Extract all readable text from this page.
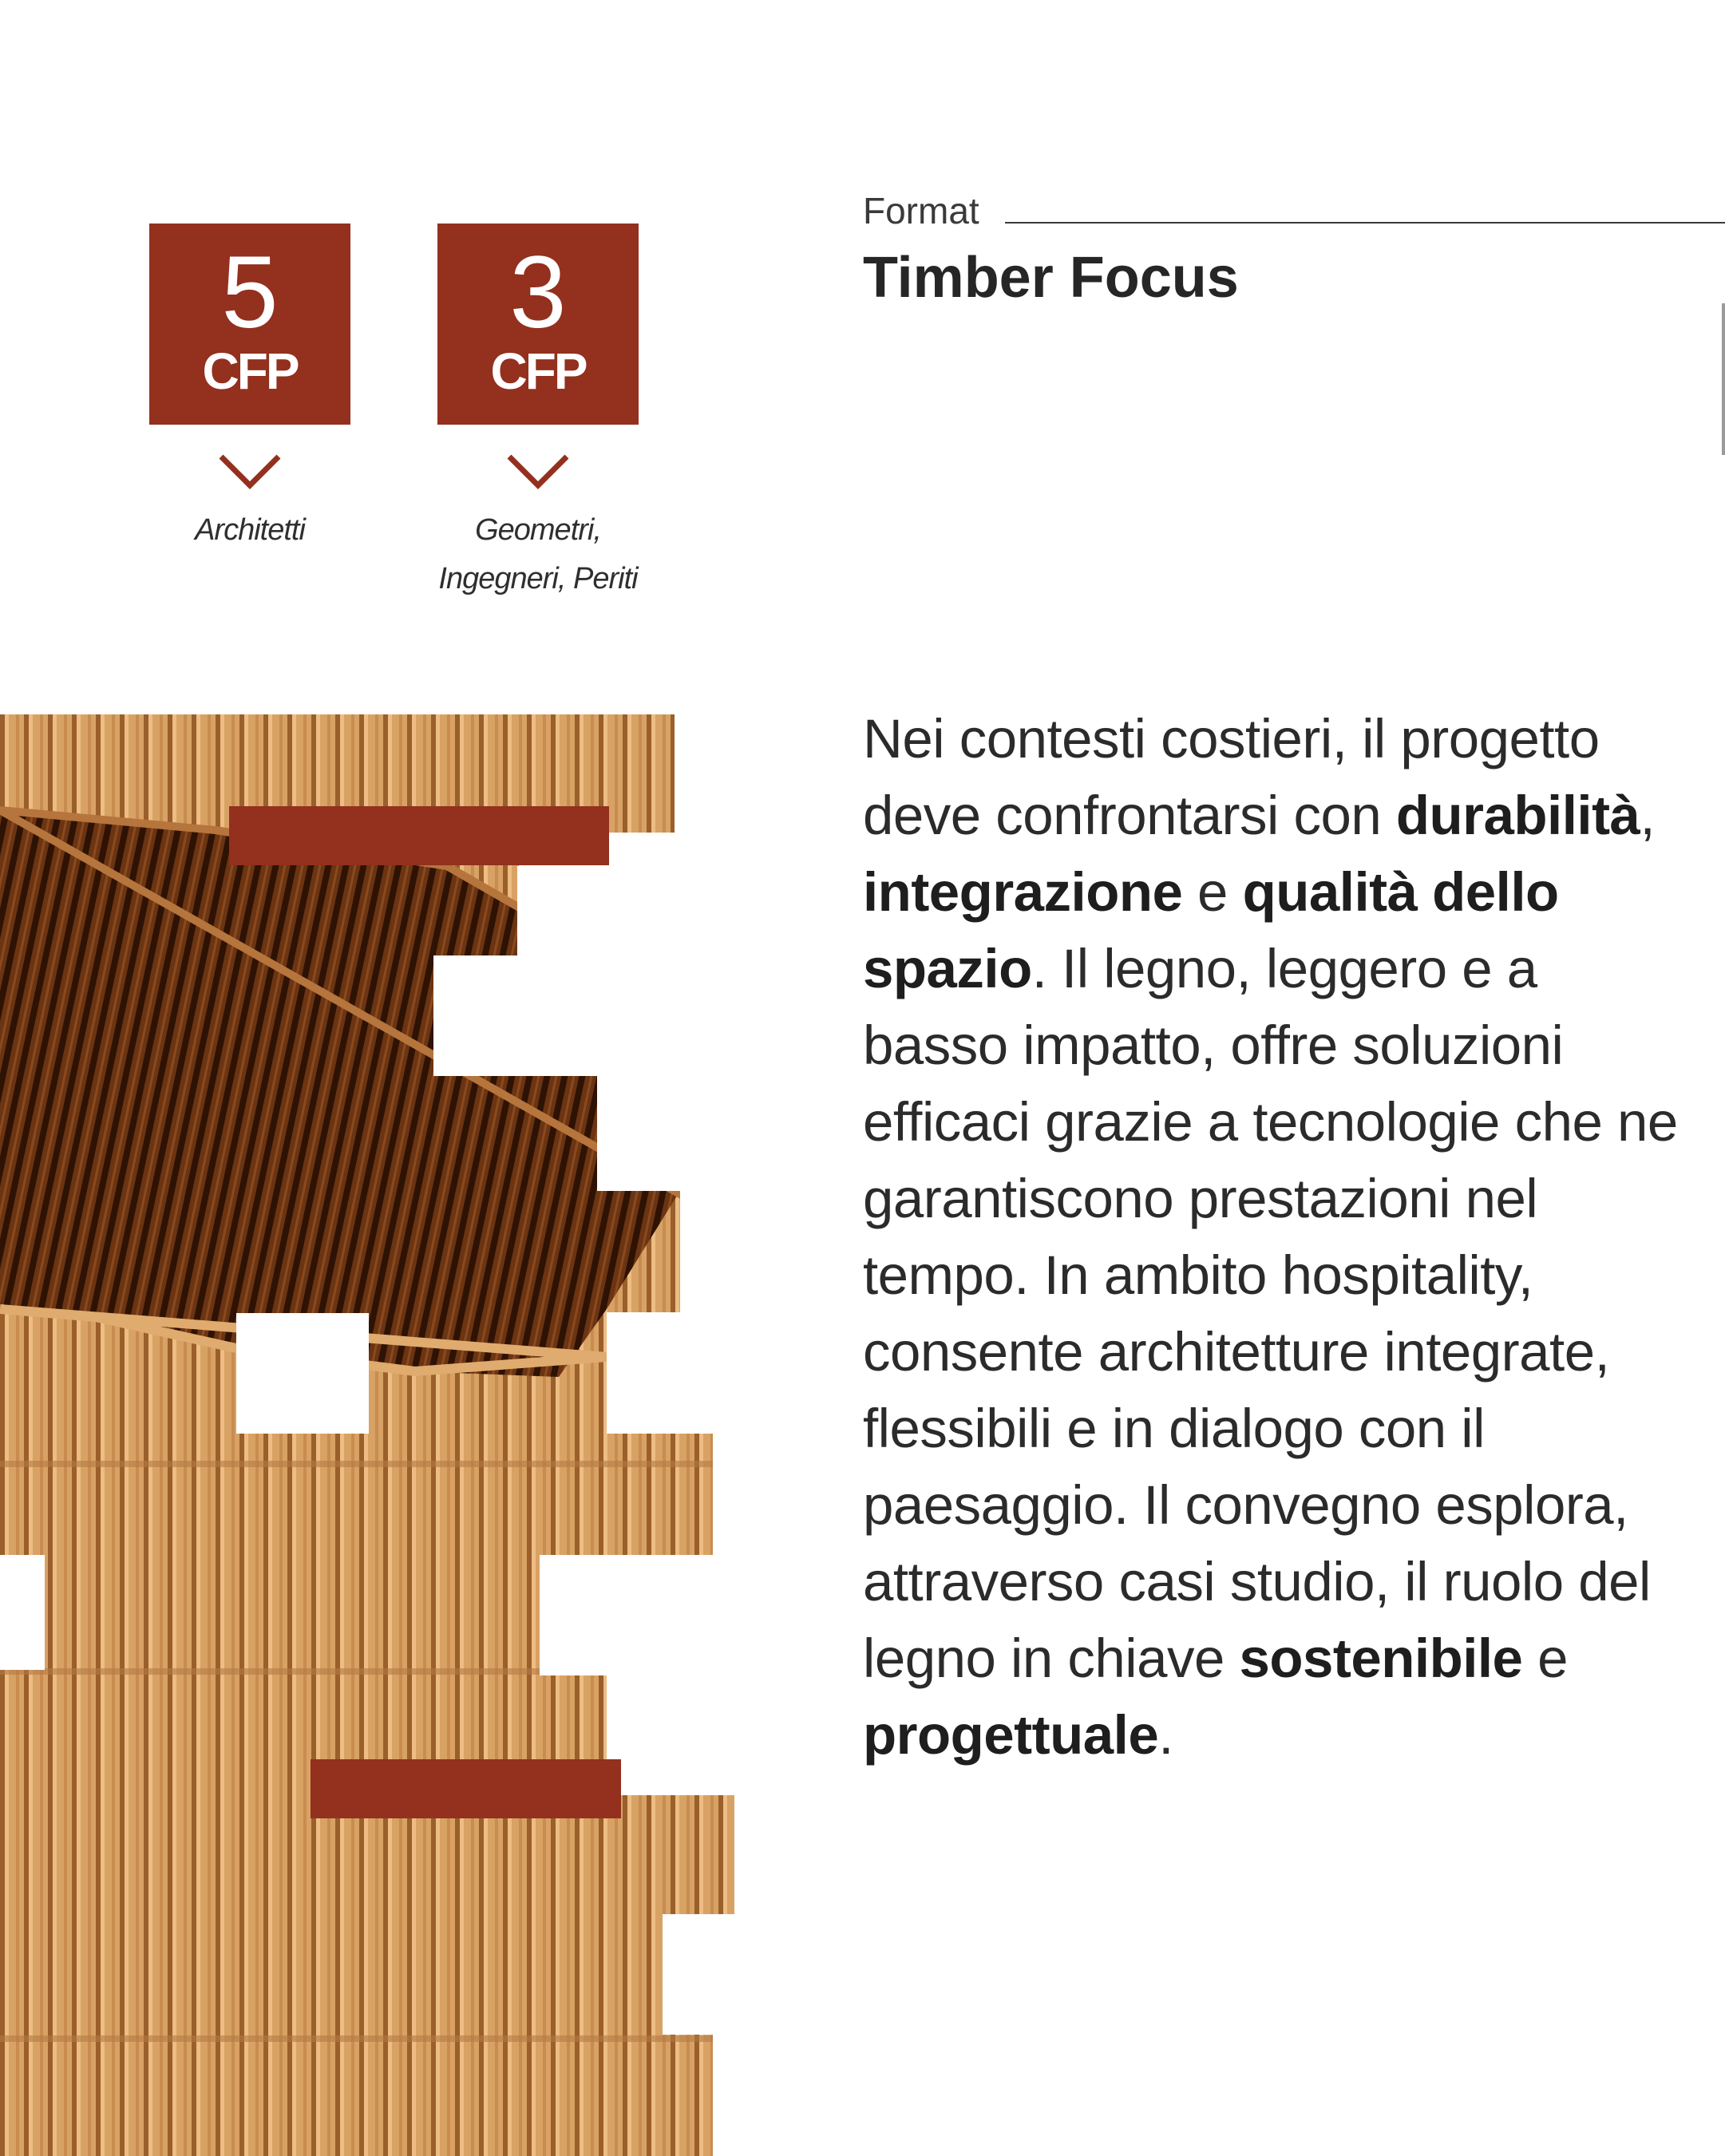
5
CFP
3
CFP
Architetti	Geometri,
Ingegneri, Periti
Format
Timber Focus
Nei contesti costieri, il progetto deve confrontarsi con durabilità, integrazione e qualità dello spazio. Il legno, leggero e a basso impatto, offre soluzioni efficaci grazie a tecnologie che ne garantiscono prestazioni nel tempo. In ambito hospitality, consente architetture integrate, flessibili e in dialogo con il paesaggio. Il convegno esplora, attraverso casi studio, il ruolo del legno in chiave sostenibile e progettuale.
